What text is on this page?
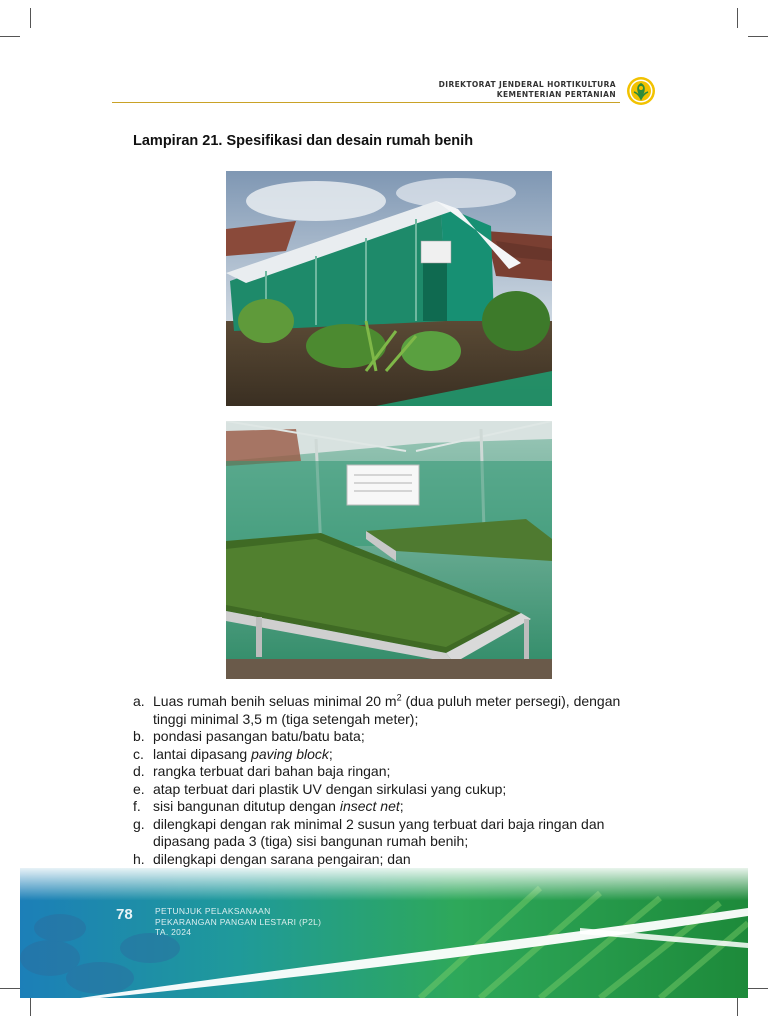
DIREKTORAT JENDERAL HORTIKULTURA
KEMENTERIAN PERTANIAN
Lampiran 21. Spesifikasi dan desain rumah benih
a. Luas rumah benih seluas minimal 20 $m^2$ (dua puluh meter persegi), dengan tinggi minimal 3,5 m (tiga setengah meter);
b. pondasi pasangan batu/batu bata;
c. lantai dipasang paving block;
d. rangka terbuat dari bahan baja ringan;
e. atap terbuat dari plastik UV dengan sirkulasi yang cukup;
f. sisi bangunan ditutup dengan insect net;
g. dilengkapi dengan rak minimal 2 susun yang terbuat dari baja ringan dan dipasang pada 3 (tiga) sisi bangunan rumah benih;
h. dilengkapi dengan sarana pengairan; dan
78	PETUNJUK PELAKSANAAN
PEKARANGAN PANGAN LESTARI (P2L)
TA. 2024
